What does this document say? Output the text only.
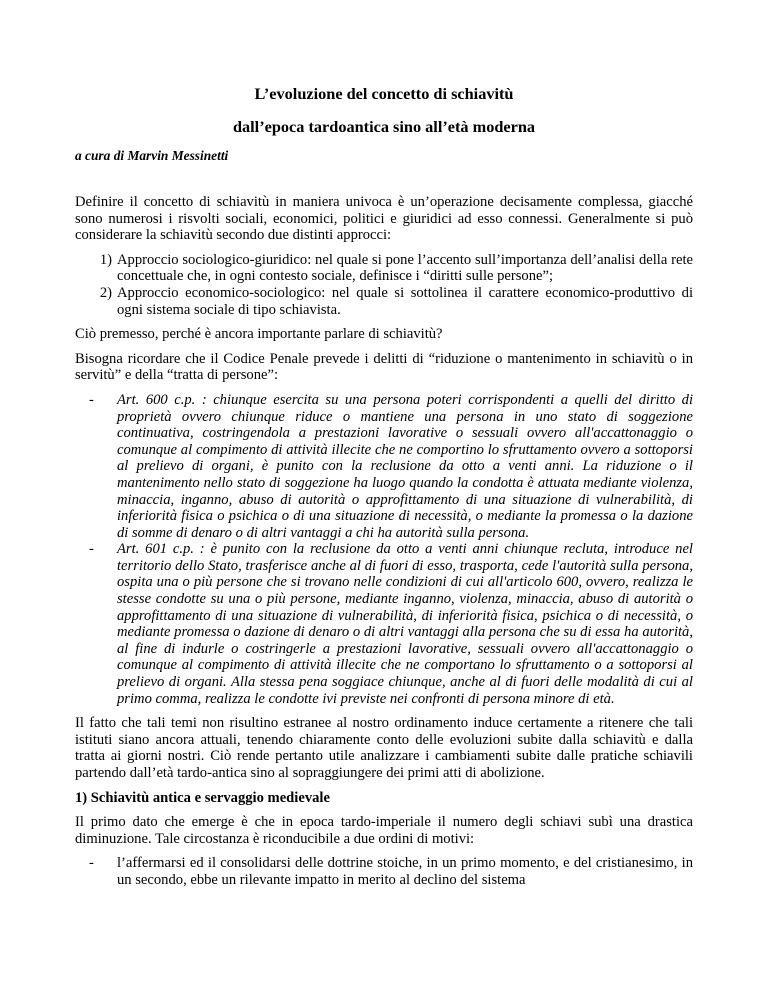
L’evoluzione del concetto di schiavitù
dall’epoca tardoantica sino all’età moderna
a cura di Marvin Messinetti

Definire il concetto di schiavitù in maniera univoca è un’operazione decisamente complessa, giacché sono numerosi i risvolti sociali, economici, politici e giuridici ad esso connessi. Generalmente si può considerare la schiavitù secondo due distinti approcci:

1) Approccio sociologico-giuridico: nel quale si pone l’accento sull’importanza dell’analisi della rete concettuale che, in ogni contesto sociale, definisce i “diritti sulle persone”;
2) Approccio economico-sociologico: nel quale si sottolinea il carattere economico-produttivo di ogni sistema sociale di tipo schiavista.

Ciò premesso, perché è ancora importante parlare di schiavitù?

Bisogna ricordare che il Codice Penale prevede i delitti di “riduzione o mantenimento in schiavitù o in servitù” e della “tratta di persone”:

-	Art. 600 c.p. : chiunque esercita su una persona poteri corrispondenti a quelli del diritto di proprietà ovvero chiunque riduce o mantiene una persona in uno stato di soggezione continuativa, costringendola a prestazioni lavorative o sessuali ovvero all'accattonaggio o comunque al compimento di attività illecite che ne comportino lo sfruttamento ovvero a sottoporsi al prelievo di organi, è punito con la reclusione da otto a venti anni. La riduzione o il mantenimento nello stato di soggezione ha luogo quando la condotta è attuata mediante violenza, minaccia, inganno, abuso di autorità o approfittamento di una situazione di vulnerabilità, di inferiorità fisica o psichica o di una situazione di necessità, o mediante la promessa o la dazione di somme di denaro o di altri vantaggi a chi ha autorità sulla persona.
-	Art. 601 c.p. : è punito con la reclusione da otto a venti anni chiunque recluta, introduce nel territorio dello Stato, trasferisce anche al di fuori di esso, trasporta, cede l'autorità sulla persona, ospita una o più persone che si trovano nelle condizioni di cui all'articolo 600, ovvero, realizza le stesse condotte su una o più persone, mediante inganno, violenza, minaccia, abuso di autorità o approfittamento di una situazione di vulnerabilità, di inferiorità fisica, psichica o di necessità, o mediante promessa o dazione di denaro o di altri vantaggi alla persona che su di essa ha autorità, al fine di indurle o costringerle a prestazioni lavorative, sessuali ovvero all'accattonaggio o comunque al compimento di attività illecite che ne comportano lo sfruttamento o a sottoporsi al prelievo di organi. Alla stessa pena soggiace chiunque, anche al di fuori delle modalità di cui al primo comma, realizza le condotte ivi previste nei confronti di persona minore di età.

Il fatto che tali temi non risultino estranee al nostro ordinamento induce certamente a ritenere che tali istituti siano ancora attuali, tenendo chiaramente conto delle evoluzioni subite dalla schiavitù e dalla tratta ai giorni nostri. Ciò rende pertanto utile analizzare i cambiamenti subite dalle pratiche schiavili partendo dall’età tardo-antica sino al sopraggiungere dei primi atti di abolizione.

1) Schiavitù antica e servaggio medievale

Il primo dato che emerge è che in epoca tardo-imperiale il numero degli schiavi subì una drastica diminuzione. Tale circostanza è riconducibile a due ordini di motivi:

-	l’affermarsi ed il consolidarsi delle dottrine stoiche, in un primo momento, e del cristianesimo, in un secondo, ebbe un rilevante impatto in merito al declino del sistema
